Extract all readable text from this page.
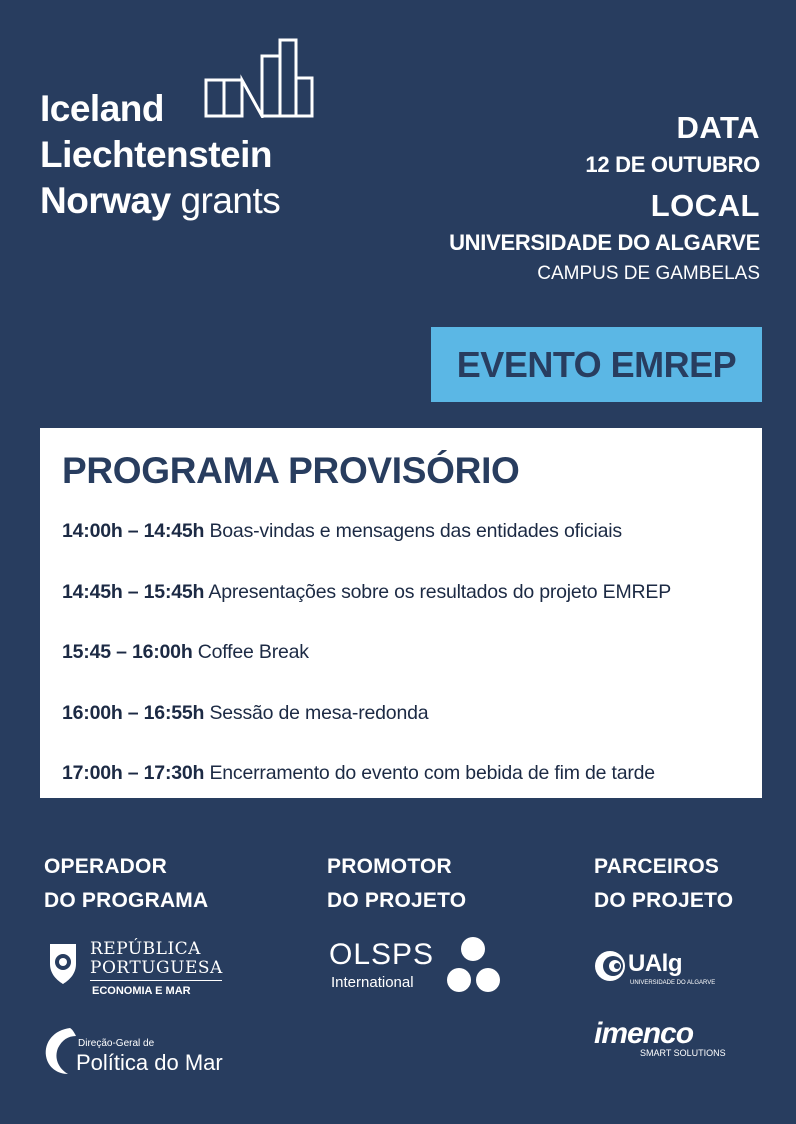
Iceland
Liechtenstein
Norway grants
DATA
12 DE OUTUBRO
LOCAL
UNIVERSIDADE DO ALGARVE
CAMPUS DE GAMBELAS
EVENTO EMREP
PROGRAMA PROVISÓRIO
14:00h – 14:45h Boas-vindas e mensagens das entidades oficiais
14:45h – 15:45h Apresentações sobre os resultados do projeto EMREP
15:45 – 16:00h Coffee Break
16:00h – 16:55h Sessão de mesa-redonda
17:00h – 17:30h Encerramento do evento com bebida de fim de tarde
OPERADOR
DO PROGRAMA
REPÚBLICA
PORTUGUESA
ECONOMIA E MAR
Direção-Geral de
Política do Mar
PROMOTOR
DO PROJETO
OLSPS
International
PARCEIROS
DO PROJETO
UAlg
UNIVERSIDADE DO ALGARVE
imenco
SMART SOLUTIONS
